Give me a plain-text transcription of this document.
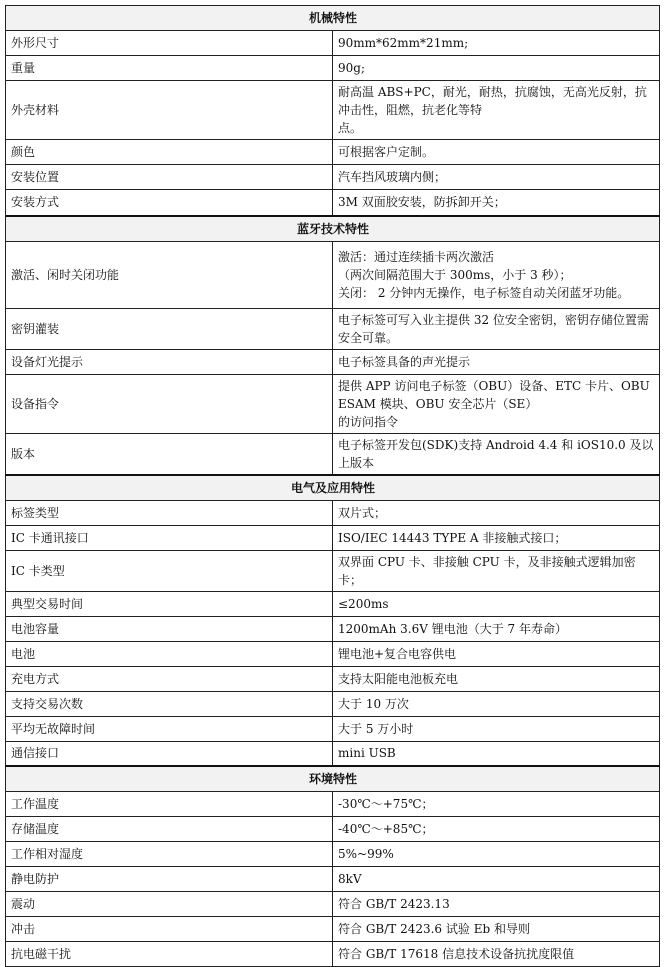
机械特性	
外形尺寸	90mm*62mm*21mm;

重量	90g;

外壳材料	耐高温 ABS+PC，耐光，耐热，抗腐蚀，无高光反射，抗冲击性，阻燃，抗老化等特
点。

颜色	可根据客户定制。

安装位置	汽车挡风玻璃内侧；

安装方式	3M 双面胶安装，防拆卸开关；

蓝牙技术特性	
激活、闲时关闭功能	激活：通过连续插卡两次激活
（两次间隔范围大于 300ms，小于 3 秒）；
关闭： 2 分钟内无操作，电子标签自动关闭蓝牙功能。

密钥灌装	电子标签可写入业主提供 32 位安全密钥，密钥存储位置需安全可靠。

设备灯光提示	电子标签具备的声光提示

设备指令	提供 APP 访问电子标签（OBU）设备、ETC 卡片、OBU ESAM 模块、OBU 安全芯片（SE）
的访问指令

版本	电子标签开发包(SDK)支持 Android 4.4 和 iOS10.0 及以上版本

电气及应用特性	
标签类型	双片式；

IC 卡通讯接口	ISO/IEC 14443 TYPE A 非接触式接口；

IC 卡类型	双界面 CPU 卡、非接触 CPU 卡，及非接触式逻辑加密卡；

典型交易时间	≤200ms

电池容量	1200mAh 3.6V 锂电池（大于 7 年寿命）

电池	锂电池+复合电容供电

充电方式	支持太阳能电池板充电

支持交易次数	大于 10 万次

平均无故障时间	大于 5 万小时

通信接口	mini USB

环境特性	
工作温度	-30℃～+75℃；

存储温度	-40℃～+85℃；

工作相对湿度	5%~99%

静电防护	8kV

震动	符合 GB/T 2423.13

冲击	符合 GB/T 2423.6 试验 Eb 和导则

抗电磁干扰	符合 GB/T 17618 信息技术设备抗扰度限值
